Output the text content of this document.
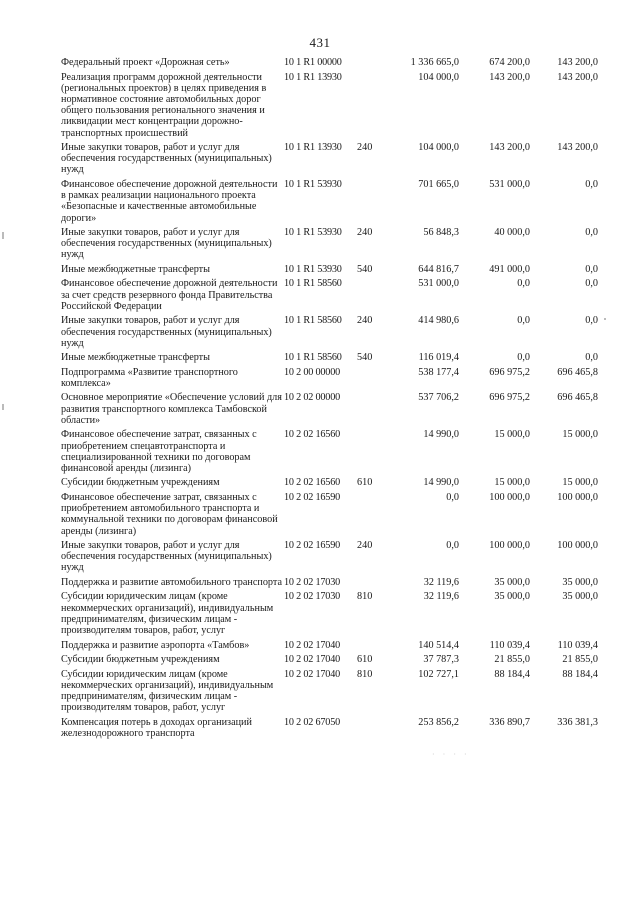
431
Федеральный проект «Дорожная сеть»	10 1 R1 00000		1 336 665,0	674 200,0	143 200,0
Реализация программ дорожной деятельности (региональных проектов) в целях приведения в нормативное состояние автомобильных дорог общего пользования регионального значения и ликвидации мест концентрации дорожно-транспортных происшествий	10 1 R1 13930		104 000,0	143 200,0	143 200,0
Иные закупки товаров, работ и услуг для обеспечения государственных (муниципальных) нужд	10 1 R1 13930	240	104 000,0	143 200,0	143 200,0
Финансовое обеспечение дорожной деятельности в рамках реализации национального проекта «Безопасные и качественные автомобильные дороги»	10 1 R1 53930		701 665,0	531 000,0	0,0
Иные закупки товаров, работ и услуг для обеспечения государственных (муниципальных) нужд	10 1 R1 53930	240	56 848,3	40 000,0	0,0
Иные межбюджетные трансферты	10 1 R1 53930	540	644 816,7	491 000,0	0,0
Финансовое обеспечение дорожной деятельности за счет средств резервного фонда Правительства Российской Федерации	10 1 R1 58560		531 000,0	0,0	0,0
Иные закупки товаров, работ и услуг для обеспечения государственных (муниципальных) нужд	10 1 R1 58560	240	414 980,6	0,0	0,0
Иные межбюджетные трансферты	10 1 R1 58560	540	116 019,4	0,0	0,0
Подпрограмма «Развитие транспортного комплекса»	10 2 00 00000		538 177,4	696 975,2	696 465,8
Основное мероприятие «Обеспечение условий для развития транспортного комплекса Тамбовской области»	10 2 02 00000		537 706,2	696 975,2	696 465,8
Финансовое обеспечение затрат, связанных с приобретением спецавтотранспорта и специализированной техники по договорам финансовой аренды (лизинга)	10 2 02 16560		14 990,0	15 000,0	15 000,0
Субсидии бюджетным учреждениям	10 2 02 16560	610	14 990,0	15 000,0	15 000,0
Финансовое обеспечение затрат, связанных с приобретением автомобильного транспорта и коммунальной техники по договорам финансовой аренды (лизинга)	10 2 02 16590		0,0	100 000,0	100 000,0
Иные закупки товаров, работ и услуг для обеспечения государственных (муниципальных) нужд	10 2 02 16590	240	0,0	100 000,0	100 000,0
Поддержка и развитие автомобильного транспорта	10 2 02 17030		32 119,6	35 000,0	35 000,0
Субсидии юридическим лицам (кроме некоммерческих организаций), индивидуальным предпринимателям, физическим лицам - производителям товаров, работ, услуг	10 2 02 17030	810	32 119,6	35 000,0	35 000,0
Поддержка и развитие аэропорта «Тамбов»	10 2 02 17040		140 514,4	110 039,4	110 039,4
Субсидии бюджетным учреждениям	10 2 02 17040	610	37 787,3	21 855,0	21 855,0
Субсидии юридическим лицам (кроме некоммерческих организаций), индивидуальным предпринимателям, физическим лицам - производителям товаров, работ, услуг	10 2 02 17040	810	102 727,1	88 184,4	88 184,4
Компенсация потерь в доходах организаций железнодорожного транспорта	10 2 02 67050		253 856,2	336 890,7	336 381,3
· · · ·
